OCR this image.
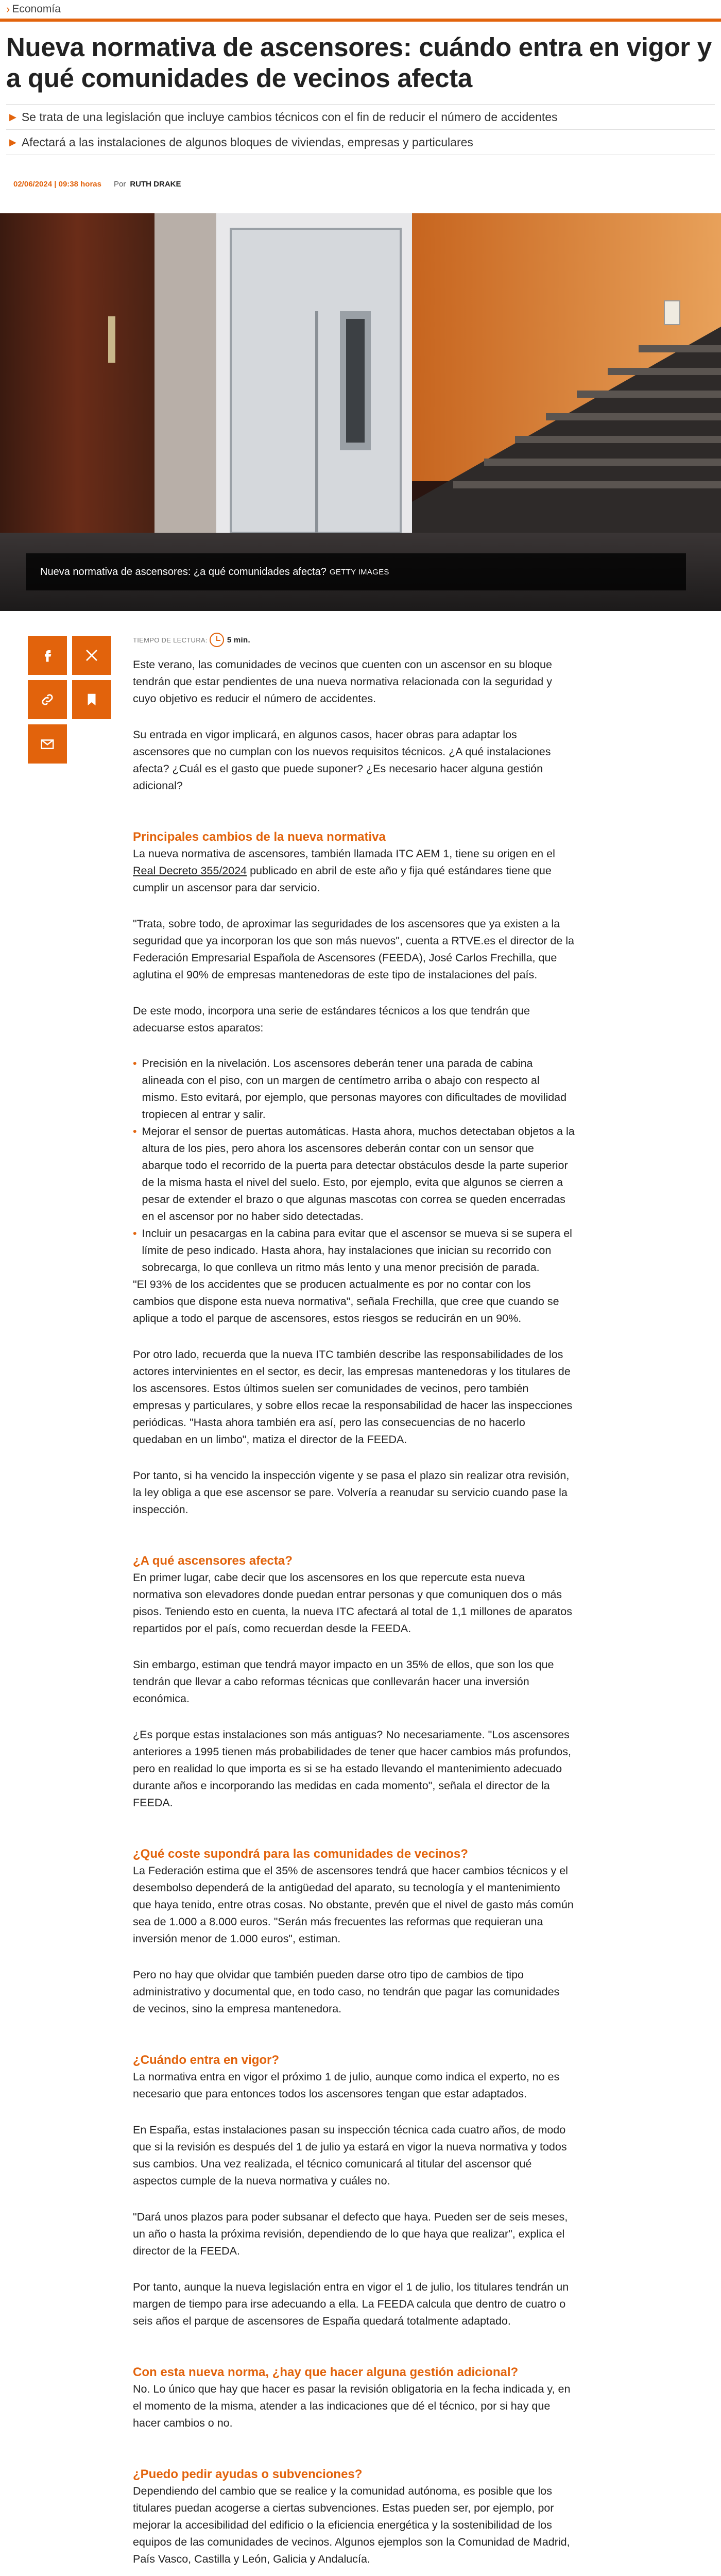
› Economía
Nueva normativa de ascensores: cuándo entra en vigor y a qué comunidades de vecinos afecta
▶ Se trata de una legislación que incluye cambios técnicos con el fin de reducir el número de accidentes
▶ Afectará a las instalaciones de algunos bloques de viviendas, empresas y particulares
02/06/2024 | 09:38 horas Por RUTH DRAKE
Nueva normativa de ascensores: ¿a qué comunidades afecta? GETTY IMAGES
TIEMPO DE LECTURA:	5 min.

Este verano, las comunidades de vecinos que cuenten con un ascensor en su bloque tendrán que estar pendientes de una nueva normativa relacionada con la seguridad y cuyo objetivo es reducir el número de accidentes.

Su entrada en vigor implicará, en algunos casos, hacer obras para adaptar los ascensores que no cumplan con los nuevos requisitos técnicos. ¿A qué instalaciones afecta? ¿Cuál es el gasto que puede suponer? ¿Es necesario hacer alguna gestión adicional?

Principales cambios de la nueva normativa

La nueva normativa de ascensores, también llamada ITC AEM 1, tiene su origen en el Real Decreto 355/2024 publicado en abril de este año y fija qué estándares tiene que cumplir un ascensor para dar servicio.

"Trata, sobre todo, de aproximar las seguridades de los ascensores que ya existen a la seguridad que ya incorporan los que son más nuevos", cuenta a RTVE.es el director de la Federación Empresarial Española de Ascensores (FEEDA), José Carlos Frechilla, que aglutina el 90% de empresas mantenedoras de este tipo de instalaciones del país.

De este modo, incorpora una serie de estándares técnicos a los que tendrán que adecuarse estos aparatos:

• Precisión en la nivelación. Los ascensores deberán tener una parada de cabina alineada con el piso, con un margen de centímetro arriba o abajo con respecto al mismo. Esto evitará, por ejemplo, que personas mayores con dificultades de movilidad tropiecen al entrar y salir.
• Mejorar el sensor de puertas automáticas. Hasta ahora, muchos detectaban objetos a la altura de los pies, pero ahora los ascensores deberán contar con un sensor que abarque todo el recorrido de la puerta para detectar obstáculos desde la parte superior de la misma hasta el nivel del suelo. Esto, por ejemplo, evita que algunos se cierren a pesar de extender el brazo o que algunas mascotas con correa se queden encerradas en el ascensor por no haber sido detectadas.
• Incluir un pesacargas en la cabina para evitar que el ascensor se mueva si se supera el límite de peso indicado. Hasta ahora, hay instalaciones que inician su recorrido con sobrecarga, lo que conlleva un ritmo más lento y una menor precisión de parada.

"El 93% de los accidentes que se producen actualmente es por no contar con los cambios que dispone esta nueva normativa", señala Frechilla, que cree que cuando se aplique a todo el parque de ascensores, estos riesgos se reducirán en un 90%.

Por otro lado, recuerda que la nueva ITC también describe las responsabilidades de los actores intervinientes en el sector, es decir, las empresas mantenedoras y los titulares de los ascensores. Estos últimos suelen ser comunidades de vecinos, pero también empresas y particulares, y sobre ellos recae la responsabilidad de hacer las inspecciones periódicas. "Hasta ahora también era así, pero las consecuencias de no hacerlo quedaban en un limbo", matiza el director de la FEEDA.

Por tanto, si ha vencido la inspección vigente y se pasa el plazo sin realizar otra revisión, la ley obliga a que ese ascensor se pare. Volvería a reanudar su servicio cuando pase la inspección.

¿A qué ascensores afecta?

En primer lugar, cabe decir que los ascensores en los que repercute esta nueva normativa son elevadores donde puedan entrar personas y que comuniquen dos o más pisos. Teniendo esto en cuenta, la nueva ITC afectará al total de 1,1 millones de aparatos repartidos por el país, como recuerdan desde la FEEDA.

Sin embargo, estiman que tendrá mayor impacto en un 35% de ellos, que son los que tendrán que llevar a cabo reformas técnicas que conllevarán hacer una inversión económica.

¿Es porque estas instalaciones son más antiguas? No necesariamente. "Los ascensores anteriores a 1995 tienen más probabilidades de tener que hacer cambios más profundos, pero en realidad lo que importa es si se ha estado llevando el mantenimiento adecuado durante años e incorporando las medidas en cada momento", señala el director de la FEEDA.

¿Qué coste supondrá para las comunidades de vecinos?

La Federación estima que el 35% de ascensores tendrá que hacer cambios técnicos y el desembolso dependerá de la antigüedad del aparato, su tecnología y el mantenimiento que haya tenido, entre otras cosas. No obstante, prevén que el nivel de gasto más común sea de 1.000 a 8.000 euros. "Serán más frecuentes las reformas que requieran una inversión menor de 1.000 euros", estiman.

Pero no hay que olvidar que también pueden darse otro tipo de cambios de tipo administrativo y documental que, en todo caso, no tendrán que pagar las comunidades de vecinos, sino la empresa mantenedora.

¿Cuándo entra en vigor?

La normativa entra en vigor el próximo 1 de julio, aunque como indica el experto, no es necesario que para entonces todos los ascensores tengan que estar adaptados.

En España, estas instalaciones pasan su inspección técnica cada cuatro años, de modo que si la revisión es después del 1 de julio ya estará en vigor la nueva normativa y todos sus cambios. Una vez realizada, el técnico comunicará al titular del ascensor qué aspectos cumple de la nueva normativa y cuáles no.

"Dará unos plazos para poder subsanar el defecto que haya. Pueden ser de seis meses, un año o hasta la próxima revisión, dependiendo de lo que haya que realizar", explica el director de la FEEDA.

Por tanto, aunque la nueva legislación entra en vigor el 1 de julio, los titulares tendrán un margen de tiempo para irse adecuando a ella. La FEEDA calcula que dentro de cuatro o seis años el parque de ascensores de España quedará totalmente adaptado.

Con esta nueva norma, ¿hay que hacer alguna gestión adicional?

No. Lo único que hay que hacer es pasar la revisión obligatoria en la fecha indicada y, en el momento de la misma, atender a las indicaciones que dé el técnico, por si hay que hacer cambios o no.

¿Puedo pedir ayudas o subvenciones?

Dependiendo del cambio que se realice y la comunidad autónoma, es posible que los titulares puedan acogerse a ciertas subvenciones. Estas pueden ser, por ejemplo, por mejorar la accesibilidad del edificio o la eficiencia energética y la sostenibilidad de los equipos de las comunidades de vecinos. Algunos ejemplos son la Comunidad de Madrid, País Vasco, Castilla y León, Galicia y Andalucía.
